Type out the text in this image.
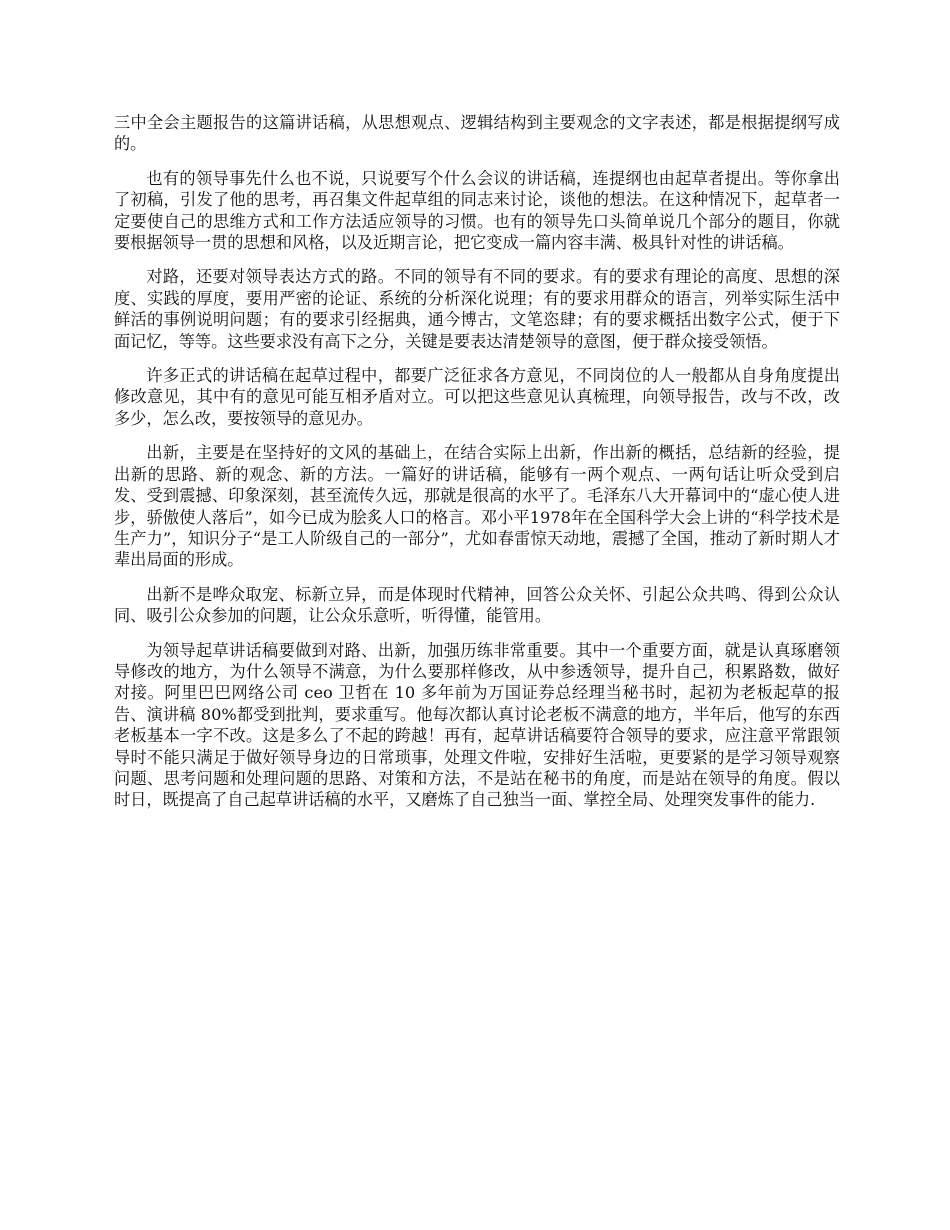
三中全会主题报告的这篇讲话稿，从思想观点、逻辑结构到主要观念的文字表述，都是根据提纲写成的。

也有的领导事先什么也不说，只说要写个什么会议的讲话稿，连提纲也由起草者提出。等你拿出了初稿，引发了他的思考，再召集文件起草组的同志来讨论，谈他的想法。在这种情况下，起草者一定要使自己的思维方式和工作方法适应领导的习惯。也有的领导先口头简单说几个部分的题目，你就要根据领导一贯的思想和风格，以及近期言论，把它变成一篇内容丰满、极具针对性的讲话稿。

对路，还要对领导表达方式的路。不同的领导有不同的要求。有的要求有理论的高度、思想的深度、实践的厚度，要用严密的论证、系统的分析深化说理；有的要求用群众的语言，列举实际生活中鲜活的事例说明问题；有的要求引经据典，通今博古，文笔恣肆；有的要求概括出数字公式，便于下面记忆，等等。这些要求没有高下之分，关键是要表达清楚领导的意图，便于群众接受领悟。

许多正式的讲话稿在起草过程中，都要广泛征求各方意见，不同岗位的人一般都从自身角度提出修改意见，其中有的意见可能互相矛盾对立。可以把这些意见认真梳理，向领导报告，改与不改，改多少，怎么改，要按领导的意见办。

出新，主要是在坚持好的文风的基础上，在结合实际上出新，作出新的概括，总结新的经验，提出新的思路、新的观念、新的方法。一篇好的讲话稿，能够有一两个观点、一两句话让听众受到启发、受到震撼、印象深刻，甚至流传久远，那就是很高的水平了。毛泽东八大开幕词中的“虚心使人进步，骄傲使人落后”，如今已成为脍炙人口的格言。邓小平1978年在全国科学大会上讲的“科学技术是生产力”，知识分子“是工人阶级自己的一部分”，尤如春雷惊天动地，震撼了全国，推动了新时期人才辈出局面的形成。

出新不是哗众取宠、标新立异，而是体现时代精神，回答公众关怀、引起公众共鸣、得到公众认同、吸引公众参加的问题，让公众乐意听，听得懂，能管用。

为领导起草讲话稿要做到对路、出新，加强历练非常重要。其中一个重要方面，就是认真琢磨领导修改的地方，为什么领导不满意，为什么要那样修改，从中参透领导，提升自己，积累路数，做好对接。阿里巴巴网络公司 ceo 卫哲在 10 多年前为万国证券总经理当秘书时，起初为老板起草的报告、演讲稿 80%都受到批判，要求重写。他每次都认真讨论老板不满意的地方，半年后，他写的东西老板基本一字不改。这是多么了不起的跨越！再有，起草讲话稿要符合领导的要求，应注意平常跟领导时不能只满足于做好领导身边的日常琐事，处理文件啦，安排好生活啦，更要紧的是学习领导观察问题、思考问题和处理问题的思路、对策和方法，不是站在秘书的角度，而是站在领导的角度。假以时日，既提高了自己起草讲话稿的水平，又磨炼了自己独当一面、掌控全局、处理突发事件的能力.
